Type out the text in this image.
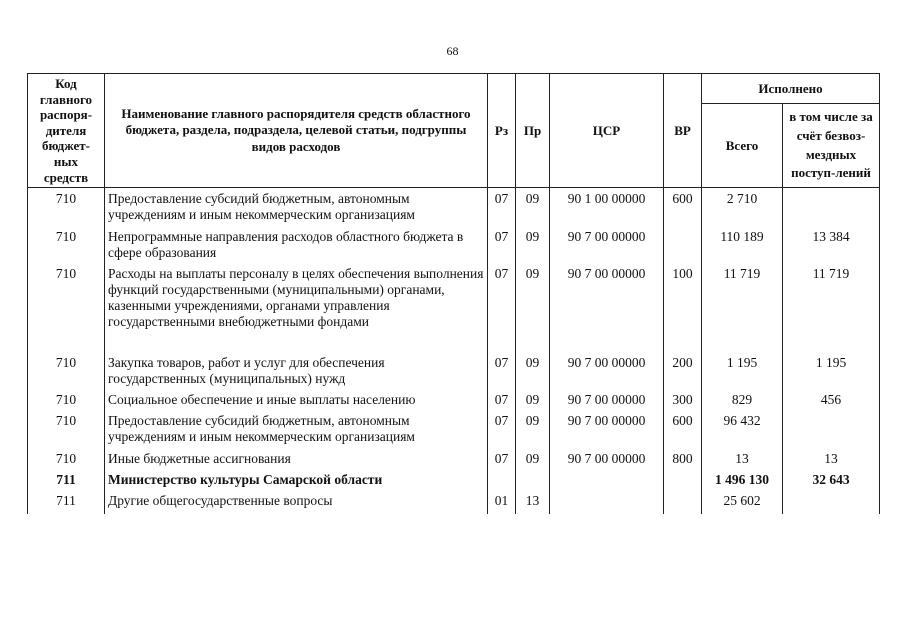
68
Код главного распоря-дителя бюджет-ных средств	Наименование главного распорядителя средств областного бюджета, раздела, подраздела, целевой статьи, подгруппы видов расходов	Рз	Пр	ЦСР	ВР	Исполнено	
						Всего	в том числе за счёт безвоз-мездных поступ-лений
710	Предоставление субсидий бюджетным, автономным учреждениям и иным некоммерческим организациям	07	09	90 1 00 00000	600	2 710	
710	Непрограммные направления расходов областного бюджета в сфере образования	07	09	90 7 00 00000		110 189	13 384
710	Расходы на выплаты персоналу в целях обеспечения выполнения функций государственными (муниципальными) органами, казенными учреждениями, органами управления государственными внебюджетными фондами	07	09	90 7 00 00000	100	11 719	11 719
710	Закупка товаров, работ и услуг для обеспечения государственных (муниципальных) нужд	07	09	90 7 00 00000	200	1 195	1 195
710	Социальное обеспечение и иные выплаты населению	07	09	90 7 00 00000	300	829	456
710	Предоставление субсидий бюджетным, автономным учреждениям и иным некоммерческим организациям	07	09	90 7 00 00000	600	96 432	
710	Иные бюджетные ассигнования	07	09	90 7 00 00000	800	13	13
711	Министерство культуры Самарской области					1 496 130	32 643
711	Другие общегосударственные вопросы	01	13			25 602	
